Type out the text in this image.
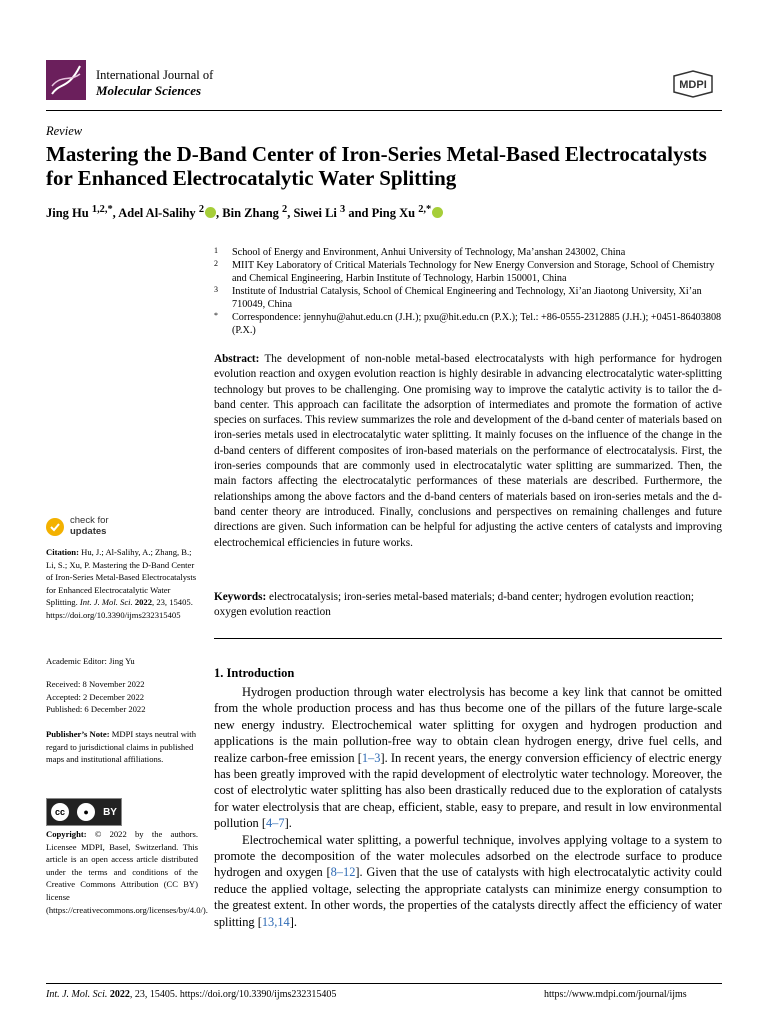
International Journal of
Molecular Sciences	MDPI
Review
Mastering the D-Band Center of Iron-Series Metal-Based Electrocatalysts for Enhanced Electrocatalytic Water Splitting
Jing Hu $^{1,2,*}$, Adel Al-Salihy $^2$ , Bin Zhang $^2$, Siwei Li $^3$ and Ping Xu $^{2,*}$
1	School of Energy and Environment, Anhui University of Technology, Ma’anshan 243002, China
2	MIIT Key Laboratory of Critical Materials Technology for New Energy Conversion and Storage, School of Chemistry and Chemical Engineering, Harbin Institute of Technology, Harbin 150001, China
3	Institute of Industrial Catalysis, School of Chemical Engineering and Technology, Xi’an Jiaotong University, Xi’an 710049, China
*	Correspondence: jennyhu@ahut.edu.cn (J.H.); pxu@hit.edu.cn (P.X.); Tel.: +86-0555-2312885 (J.H.); +0451-86403808 (P.X.)
Abstract: The development of non-noble metal-based electrocatalysts with high performance for hydrogen evolution reaction and oxygen evolution reaction is highly desirable in advancing electrocatalytic water-splitting technology but proves to be challenging. One promising way to improve the catalytic activity is to tailor the d-band center. This approach can facilitate the adsorption of intermediates and promote the formation of active species on surfaces. This review summarizes the role and development of the d-band center of materials based on iron-series metals used in electrocatalytic water splitting. It mainly focuses on the influence of the change in the d-band centers of different composites of iron-based materials on the performance of electrocatalysis. First, the iron-series compounds that are commonly used in electrocatalytic water splitting are summarized. Then, the main factors affecting the electrocatalytic performances of these materials are described. Furthermore, the relationships among the above factors and the d-band centers of materials based on iron-series metals and the d-band center theory are introduced. Finally, conclusions and perspectives on remaining challenges and future directions are given. Such information can be helpful for adjusting the active centers of catalysts and improving electrochemical efficiencies in future works.
Keywords: electrocatalysis; iron-series metal-based materials; d-band center; hydrogen evolution reaction; oxygen evolution reaction
check for
updates
Citation: Hu, J.; Al-Salihy, A.; Zhang, B.; Li, S.; Xu, P. Mastering the D-Band Center of Iron-Series Metal-Based Electrocatalysts for Enhanced Electrocatalytic Water Splitting. Int. J. Mol. Sci. 2022, 23, 15405. https://doi.org/10.3390/ijms232315405
Academic Editor: Jing Yu
Received: 8 November 2022
Accepted: 2 December 2022
Published: 6 December 2022
Publisher’s Note: MDPI stays neutral with regard to jurisdictional claims in published maps and institutional affiliations.
cc	●	BY
Copyright: © 2022 by the authors. Licensee MDPI, Basel, Switzerland. This article is an open access article distributed under the terms and conditions of the Creative Commons Attribution (CC BY) license (https://creativecommons.org/licenses/by/4.0/).
1. Introduction

Hydrogen production through water electrolysis has become a key link that cannot be omitted from the whole production process and has thus become one of the pillars of the future large-scale new energy industry. Electrochemical water splitting for oxygen and hydrogen production and applications is the main pollution-free way to obtain clean hydrogen energy, drive fuel cells, and realize carbon-free emission [1–3]. In recent years, the energy conversion efficiency of electric energy has been greatly improved with the rapid development of electrolytic water technology. Moreover, the cost of electrolytic water splitting has also been drastically reduced due to the exploration of catalysts for water electrolysis that are cheap, efficient, stable, easy to prepare, and result in low environmental pollution [4–7].

Electrochemical water splitting, a powerful technique, involves applying voltage to a system to promote the decomposition of the water molecules adsorbed on the electrode surface to produce hydrogen and oxygen [8–12]. Given that the use of catalysts with high electrocatalytic activity could reduce the applied voltage, selecting the appropriate catalysts can minimize energy consumption to the greatest extent. In other words, the properties of the catalysts directly affect the efficiency of water splitting [13,14].

Int. J. Mol. Sci. 2022, 23, 15405. https://doi.org/10.3390/ijms232315405	https://www.mdpi.com/journal/ijms
